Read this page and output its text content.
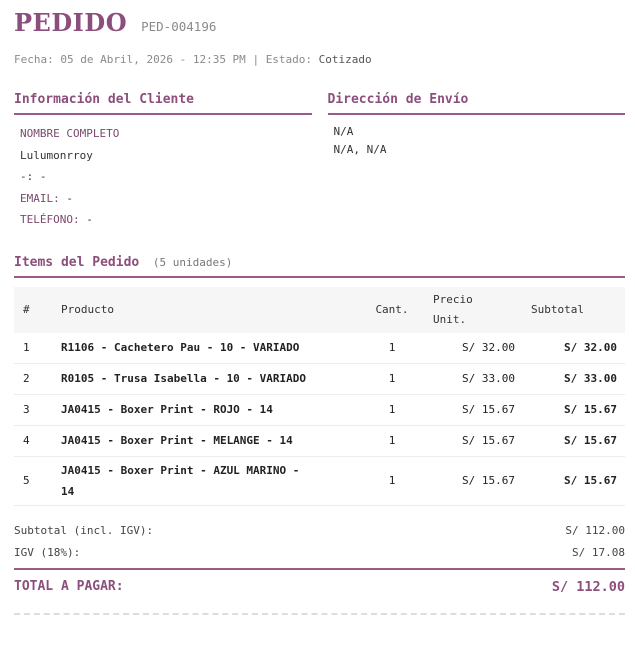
PEDIDO PED-004196
Fecha: 05 de Abril, 2026 - 12:35 PM | Estado: Cotizado
Información del Cliente
NOMBRE COMPLETO
Lulumonrroy
-: -
EMAIL: -
TELÉFONO: -
Dirección de Envío
N/A
N/A, N/A
Items del Pedido (5 unidades)
#	Producto	Cant.	Precio
Unit.	Subtotal
1	R1106 - Cachetero Pau - 10 - VARIADO	1	S/ 32.00	S/ 32.00
2	R0105 - Trusa Isabella - 10 - VARIADO	1	S/ 33.00	S/ 33.00
3	JA0415 - Boxer Print - ROJO - 14	1	S/ 15.67	S/ 15.67
4	JA0415 - Boxer Print - MELANGE - 14	1	S/ 15.67	S/ 15.67
5	JA0415 - Boxer Print - AZUL MARINO -
14	1	S/ 15.67	S/ 15.67
Subtotal (incl. IGV):	S/ 112.00
IGV (18%):	S/ 17.08
TOTAL A PAGAR:	S/ 112.00
